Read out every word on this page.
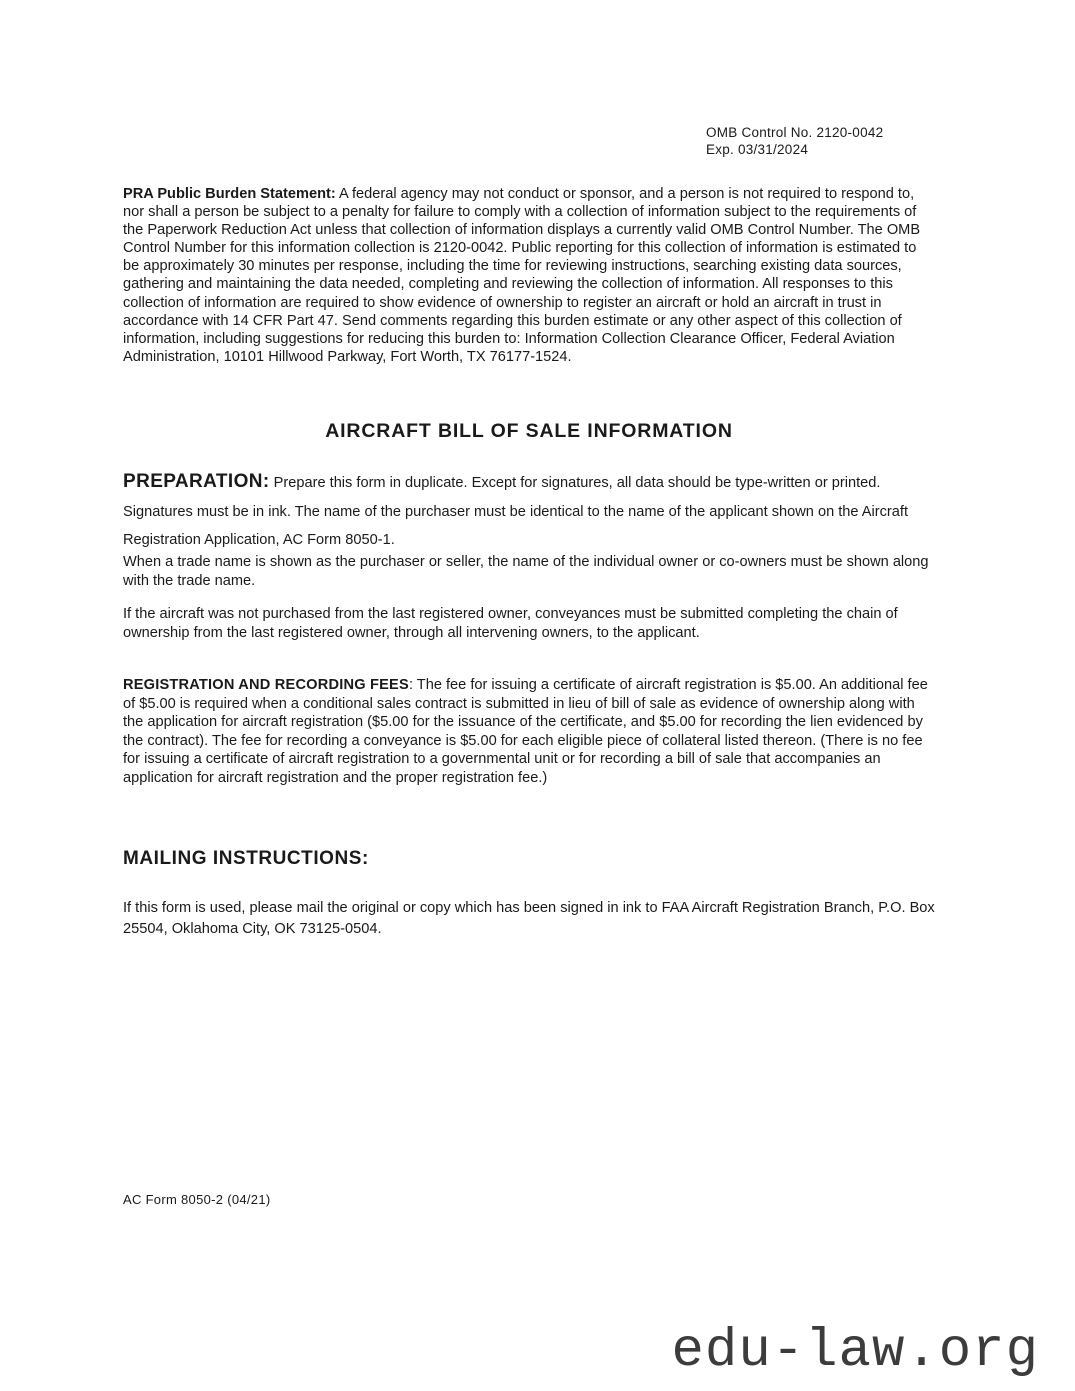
OMB Control No. 2120-0042
Exp. 03/31/2024
PRA Public Burden Statement: A federal agency may not conduct or sponsor, and a person is not required to respond to, nor shall a person be subject to a penalty for failure to comply with a collection of information subject to the requirements of the Paperwork Reduction Act unless that collection of information displays a currently valid OMB Control Number. The OMB Control Number for this information collection is 2120-0042. Public reporting for this collection of information is estimated to be approximately 30 minutes per response, including the time for reviewing instructions, searching existing data sources, gathering and maintaining the data needed, completing and reviewing the collection of information. All responses to this collection of information are required to show evidence of ownership to register an aircraft or hold an aircraft in trust in accordance with 14 CFR Part 47. Send comments regarding this burden estimate or any other aspect of this collection of information, including suggestions for reducing this burden to: Information Collection Clearance Officer, Federal Aviation Administration, 10101 Hillwood Parkway, Fort Worth, TX 76177-1524.
AIRCRAFT BILL OF SALE INFORMATION
PREPARATION: Prepare this form in duplicate. Except for signatures, all data should be type-written or printed. Signatures must be in ink. The name of the purchaser must be identical to the name of the applicant shown on the Aircraft Registration Application, AC Form 8050-1.
When a trade name is shown as the purchaser or seller, the name of the individual owner or co-owners must be shown along with the trade name.
If the aircraft was not purchased from the last registered owner, conveyances must be submitted completing the chain of ownership from the last registered owner, through all intervening owners, to the applicant.
REGISTRATION AND RECORDING FEES: The fee for issuing a certificate of aircraft registration is $5.00. An additional fee of $5.00 is required when a conditional sales contract is submitted in lieu of bill of sale as evidence of ownership along with the application for aircraft registration ($5.00 for the issuance of the certificate, and $5.00 for recording the lien evidenced by the contract). The fee for recording a conveyance is $5.00 for each eligible piece of collateral listed thereon. (There is no fee for issuing a certificate of aircraft registration to a governmental unit or for recording a bill of sale that accompanies an application for aircraft registration and the proper registration fee.)
MAILING INSTRUCTIONS:
If this form is used, please mail the original or copy which has been signed in ink to FAA Aircraft Registration Branch, P.O. Box 25504, Oklahoma City, OK 73125-0504.
AC Form 8050-2 (04/21)
edu-law.org
